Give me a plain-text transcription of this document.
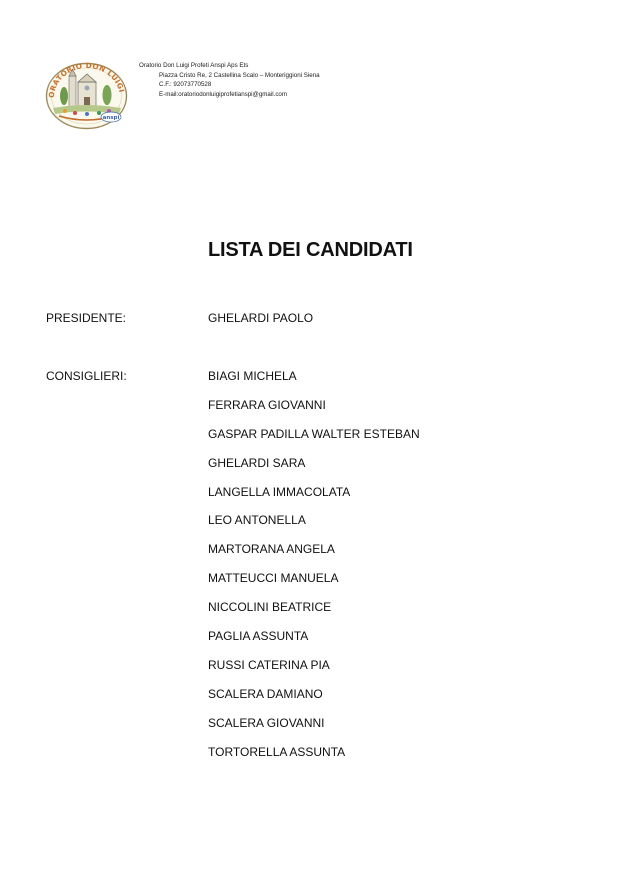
ORATORIO DON LUIGI
anspi
Oratorio Don Luigi Profeti Anspi Aps Ets
Piazza Cristo Re, 2 Castellina Scalo – Monteriggioni Siena
C.F.: 92073770528
E-mail:oratoriodonluigiprofetianspi@gmail.com
LISTA DEI CANDIDATI
PRESIDENTE:	GHELARDI PAOLO
CONSIGLIERI:	BIAGI MICHELA
FERRARA GIOVANNI
GASPAR PADILLA WALTER ESTEBAN
GHELARDI SARA
LANGELLA IMMACOLATA
LEO ANTONELLA
MARTORANA ANGELA
MATTEUCCI MANUELA
NICCOLINI BEATRICE
PAGLIA ASSUNTA
RUSSI CATERINA PIA
SCALERA DAMIANO
SCALERA GIOVANNI
TORTORELLA ASSUNTA
